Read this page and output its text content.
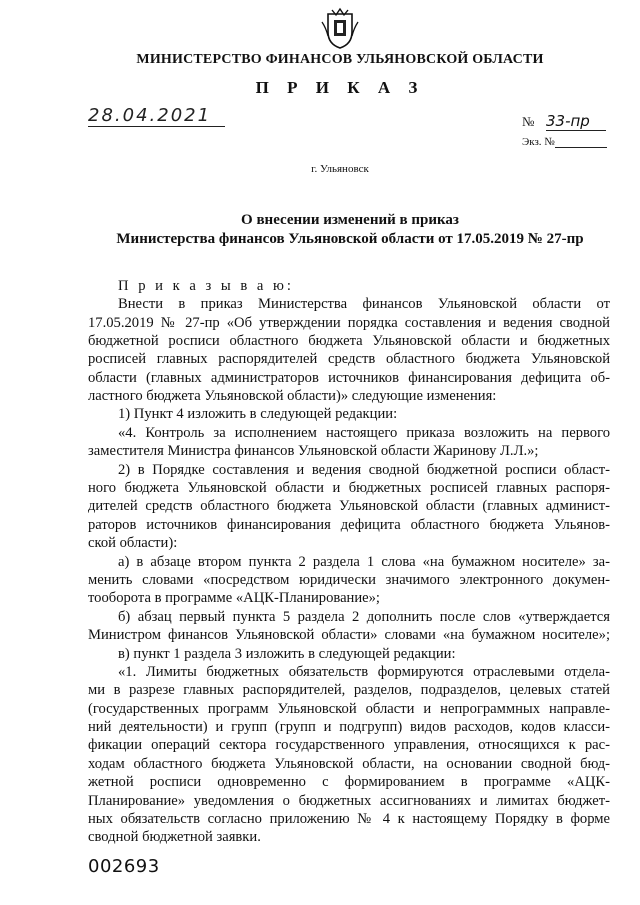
МИНИСТЕРСТВО ФИНАНСОВ УЛЬЯНОВСКОЙ ОБЛАСТИ
П Р И К А З
28.04.2021	№ 33-пр
Экз. №
г. Ульяновск
О внесении изменений в приказ
Министерства финансов Ульяновской области от 17.05.2019 № 27-пр
П р и к а з ы в а ю:
Внести в приказ Министерства финансов Ульяновской области от
17.05.2019 № 27-пр «Об утверждении порядка составления и ведения сводной
бюджетной росписи областного бюджета Ульяновской области и бюджетных
росписей главных распорядителей средств областного бюджета Ульяновской
области (главных администраторов источников финансирования дефицита об-
ластного бюджета Ульяновской области)» следующие изменения:
1) Пункт 4 изложить в следующей редакции:
«4. Контроль за исполнением настоящего приказа возложить на первого
заместителя Министра финансов Ульяновской области Жаринову Л.Л.»;
2) в Порядке составления и ведения сводной бюджетной росписи област-
ного бюджета Ульяновской области и бюджетных росписей главных распоря-
дителей средств областного бюджета Ульяновской области (главных админист-
раторов источников финансирования дефицита областного бюджета Ульянов-
ской области):
а) в абзаце втором пункта 2 раздела 1 слова «на бумажном носителе» за-
менить словами «посредством юридически значимого электронного докумен-
тооборота в программе «АЦК-Планирование»;
б) абзац первый пункта 5 раздела 2 дополнить после слов «утверждается
Министром финансов Ульяновской области» словами «на бумажном носителе»;
в) пункт 1 раздела 3 изложить в следующей редакции:
«1. Лимиты бюджетных обязательств формируются отраслевыми отдела-
ми в разрезе главных распорядителей, разделов, подразделов, целевых статей
(государственных программ Ульяновской области и непрограммных направле-
ний деятельности) и групп (групп и подгрупп) видов расходов, кодов класси-
фикации операций сектора государственного управления, относящихся к рас-
ходам областного бюджета Ульяновской области, на основании сводной бюд-
жетной росписи одновременно с формированием в программе «АЦК-
Планирование» уведомления о бюджетных ассигнованиях и лимитах бюджет-
ных обязательств согласно приложению № 4 к настоящему Порядку в форме
сводной бюджетной заявки.
002693
